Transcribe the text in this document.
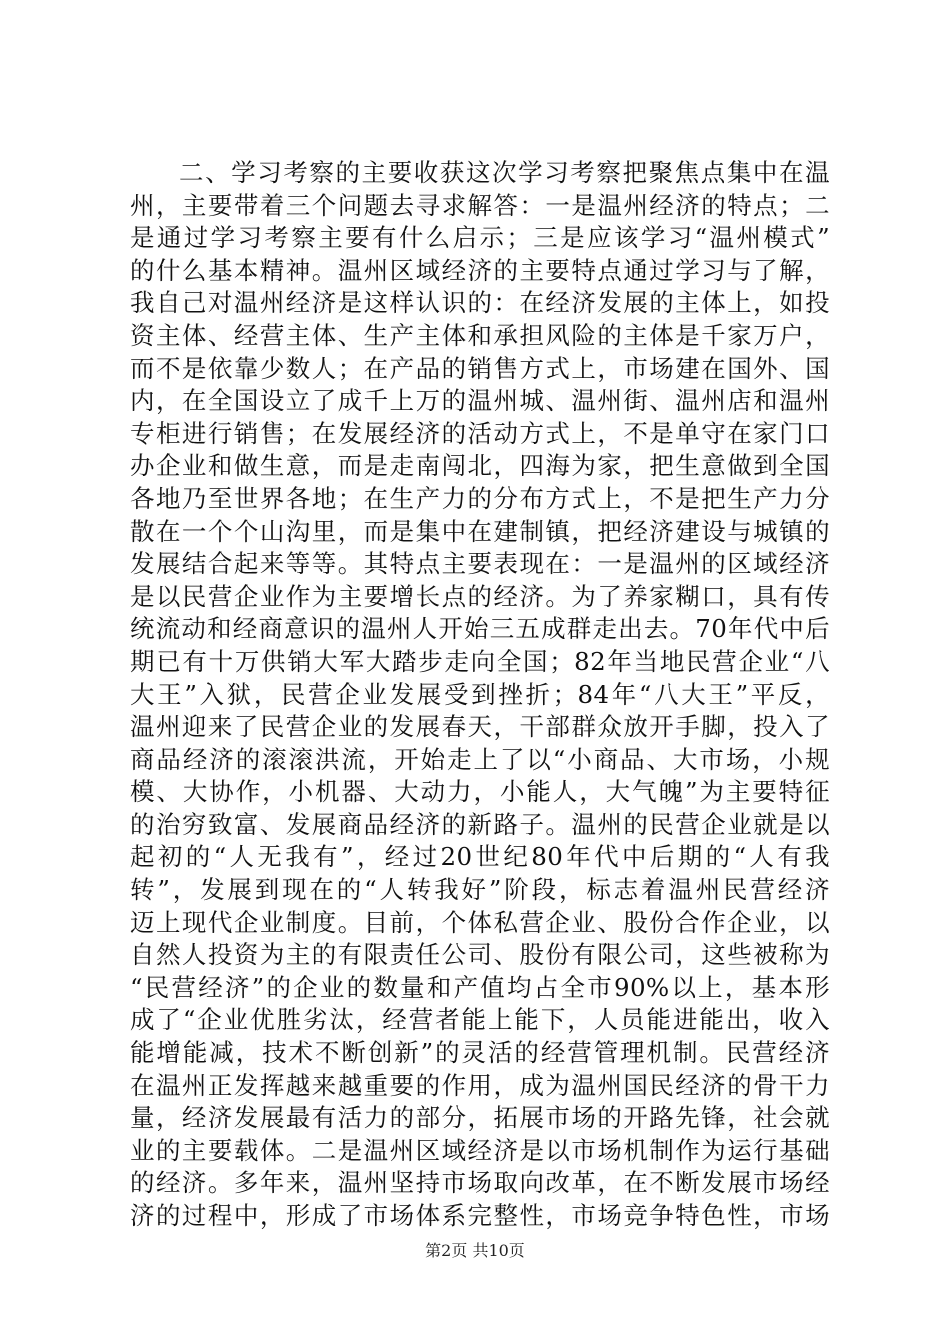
二、学习考察的主要收获这次学习考察把聚焦点集中在温
州，主要带着三个问题去寻求解答：一是温州经济的特点；二
是通过学习考察主要有什么启示；三是应该学习“温州模式”
的什么基本精神。温州区域经济的主要特点通过学习与了解，
我自己对温州经济是这样认识的：在经济发展的主体上，如投
资主体、经营主体、生产主体和承担风险的主体是千家万户，
而不是依靠少数人；在产品的销售方式上，市场建在国外、国
内，在全国设立了成千上万的温州城、温州街、温州店和温州
专柜进行销售；在发展经济的活动方式上，不是单守在家门口
办企业和做生意，而是走南闯北，四海为家，把生意做到全国
各地乃至世界各地；在生产力的分布方式上，不是把生产力分
散在一个个山沟里，而是集中在建制镇，把经济建设与城镇的
发展结合起来等等。其特点主要表现在：一是温州的区域经济
是以民营企业作为主要增长点的经济。为了养家糊口，具有传
统流动和经商意识的温州人开始三五成群走出去。70年代中后
期已有十万供销大军大踏步走向全国；82年当地民营企业“八
大王”入狱，民营企业发展受到挫折；84年“八大王”平反，
温州迎来了民营企业的发展春天，干部群众放开手脚，投入了
商品经济的滚滚洪流，开始走上了以“小商品、大市场，小规
模、大协作，小机器、大动力，小能人，大气魄”为主要特征
的治穷致富、发展商品经济的新路子。温州的民营企业就是以
起初的“人无我有”，经过20世纪80年代中后期的“人有我
转”，发展到现在的“人转我好”阶段，标志着温州民营经济
迈上现代企业制度。目前，个体私营企业、股份合作企业，以
自然人投资为主的有限责任公司、股份有限公司，这些被称为
“民营经济”的企业的数量和产值均占全市90%以上，基本形
成了“企业优胜劣汰，经营者能上能下，人员能进能出，收入
能增能减，技术不断创新”的灵活的经营管理机制。民营经济
在温州正发挥越来越重要的作用，成为温州国民经济的骨干力
量，经济发展最有活力的部分，拓展市场的开路先锋，社会就
业的主要载体。二是温州区域经济是以市场机制作为运行基础
的经济。多年来，温州坚持市场取向改革，在不断发展市场经
济的过程中，形成了市场体系完整性，市场竞争特色性，市场
第2页 共10页
